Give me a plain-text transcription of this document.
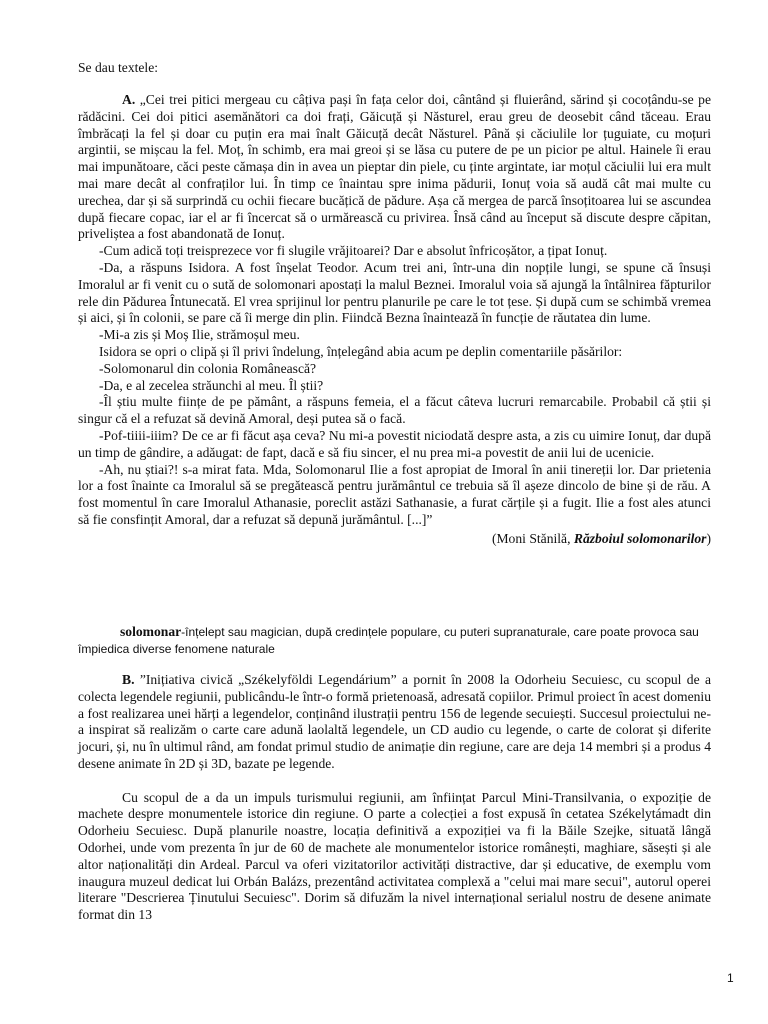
Se dau textele:

A. „Cei trei pitici mergeau cu câțiva pași în fața celor doi, cântând și fluierând, sărind și cocoțându-se pe rădăcini. Cei doi pitici asemănători ca doi frați, Găicuță și Năsturel, erau greu de deosebit când tăceau. Erau îmbrăcați la fel și doar cu puțin era mai înalt Găicuță decât Năsturel. Până și căciulile lor țuguiate, cu moțuri argintii, se mișcau la fel. Moț, în schimb, era mai greoi și se lăsa cu putere de pe un picior pe altul. Hainele îi erau mai impunătoare, căci peste cămașa din in avea un pieptar din piele, cu ținte argintate, iar moțul căciulii lui era mult mai mare decât al confraților lui. În timp ce înaintau spre inima pădurii, Ionuț voia să audă cât mai multe cu urechea, dar și să surprindă cu ochii fiecare bucățică de pădure. Așa că mergea de parcă însoțitoarea lui se ascundea după fiecare copac, iar el ar fi încercat să o urmărească cu privirea. Însă când au început să discute despre căpitan, priveliștea a fost abandonată de Ionuț.

-Cum adică toți treisprezece vor fi slugile vrăjitoarei? Dar e absolut înfricoșător, a țipat Ionuț.

-Da, a răspuns Isidora. A fost înșelat Teodor. Acum trei ani, într-una din nopțile lungi, se spune că însuși Imoralul ar fi venit cu o sută de solomonari apostați la malul Beznei. Imoralul voia să ajungă la întâlnirea făpturilor rele din Pădurea Întunecată. El vrea sprijinul lor pentru planurile pe care le tot țese. Și după cum se schimbă vremea și aici, și în colonii, se pare că îi merge din plin. Fiindcă Bezna înaintează în funcție de răutatea din lume.

-Mi-a zis și Moș Ilie, strămoșul meu.

Isidora se opri o clipă și îl privi îndelung, înțelegând abia acum pe deplin comentariile păsărilor:

-Solomonarul din colonia Românească?

-Da, e al zecelea străunchi al meu. Îl știi?

-Îl știu multe ființe de pe pământ, a răspuns femeia, el a făcut câteva lucruri remarcabile. Probabil că știi și singur că el a refuzat să devină Amoral, deși putea să o facă.

-Pof-tiiii-iiim? De ce ar fi făcut așa ceva? Nu mi-a povestit niciodată despre asta, a zis cu uimire Ionuț, dar după un timp de gândire, a adăugat: de fapt, dacă e să fiu sincer, el nu prea mi-a povestit de anii lui de ucenicie.

-Ah, nu știai?! s-a mirat fata. Mda, Solomonarul Ilie a fost apropiat de Imoral în anii tinereții lor. Dar prietenia lor a fost înainte ca Imoralul să se pregătească pentru jurământul ce trebuia să îl așeze dincolo de bine și de rău. A fost momentul în care Imoralul Athanasie, poreclit astăzi Sathanasie, a furat cărțile și a fugit. Ilie a fost ales atunci să fie consfințit Amoral, dar a refuzat să depună jurământul. [...]”

(Moni Stănilă, Războiul solomonarilor)
solomonar-înțelept sau magician, după credințele populare, cu puteri supranaturale, care poate provoca sau împiedica diverse fenomene naturale

B. ”Inițiativa civică „Székelyföldi Legendárium” a pornit în 2008 la Odorheiu Secuiesc, cu scopul de a colecta legendele regiunii, publicându-le într-o formă prietenoasă, adresată copiilor. Primul proiect în acest domeniu a fost realizarea unei hărți a legendelor, conținând ilustrații pentru 156 de legende secuiești. Succesul proiectului ne-a inspirat să realizăm o carte care adună laolaltă legendele, un CD audio cu legende, o carte de colorat și diferite jocuri, și, nu în ultimul rând, am fondat primul studio de animație din regiune, care are deja 14 membri și a produs 4 desene animate în 2D și 3D, bazate pe legende.

Cu scopul de a da un impuls turismului regiunii, am înființat Parcul Mini-Transilvania, o expoziție de machete despre monumentele istorice din regiune. O parte a colecției a fost expusă în cetatea Székelytámadt din Odorheiu Secuiesc. După planurile noastre, locația definitivă a expoziției va fi la Băile Szejke, situată lângă Odorhei, unde vom prezenta în jur de 60 de machete ale monumentelor istorice românești, maghiare, săsești și ale altor naționalități din Ardeal. Parcul va oferi vizitatorilor activități distractive, dar și educative, de exemplu vom inaugura muzeul dedicat lui Orbán Balázs, prezentând activitatea complexă a "celui mai mare secui", autorul operei literare "Descrierea Ținutului Secuiesc". Dorim să difuzăm la nivel internațional serialul nostru de desene animate format din 13

1
